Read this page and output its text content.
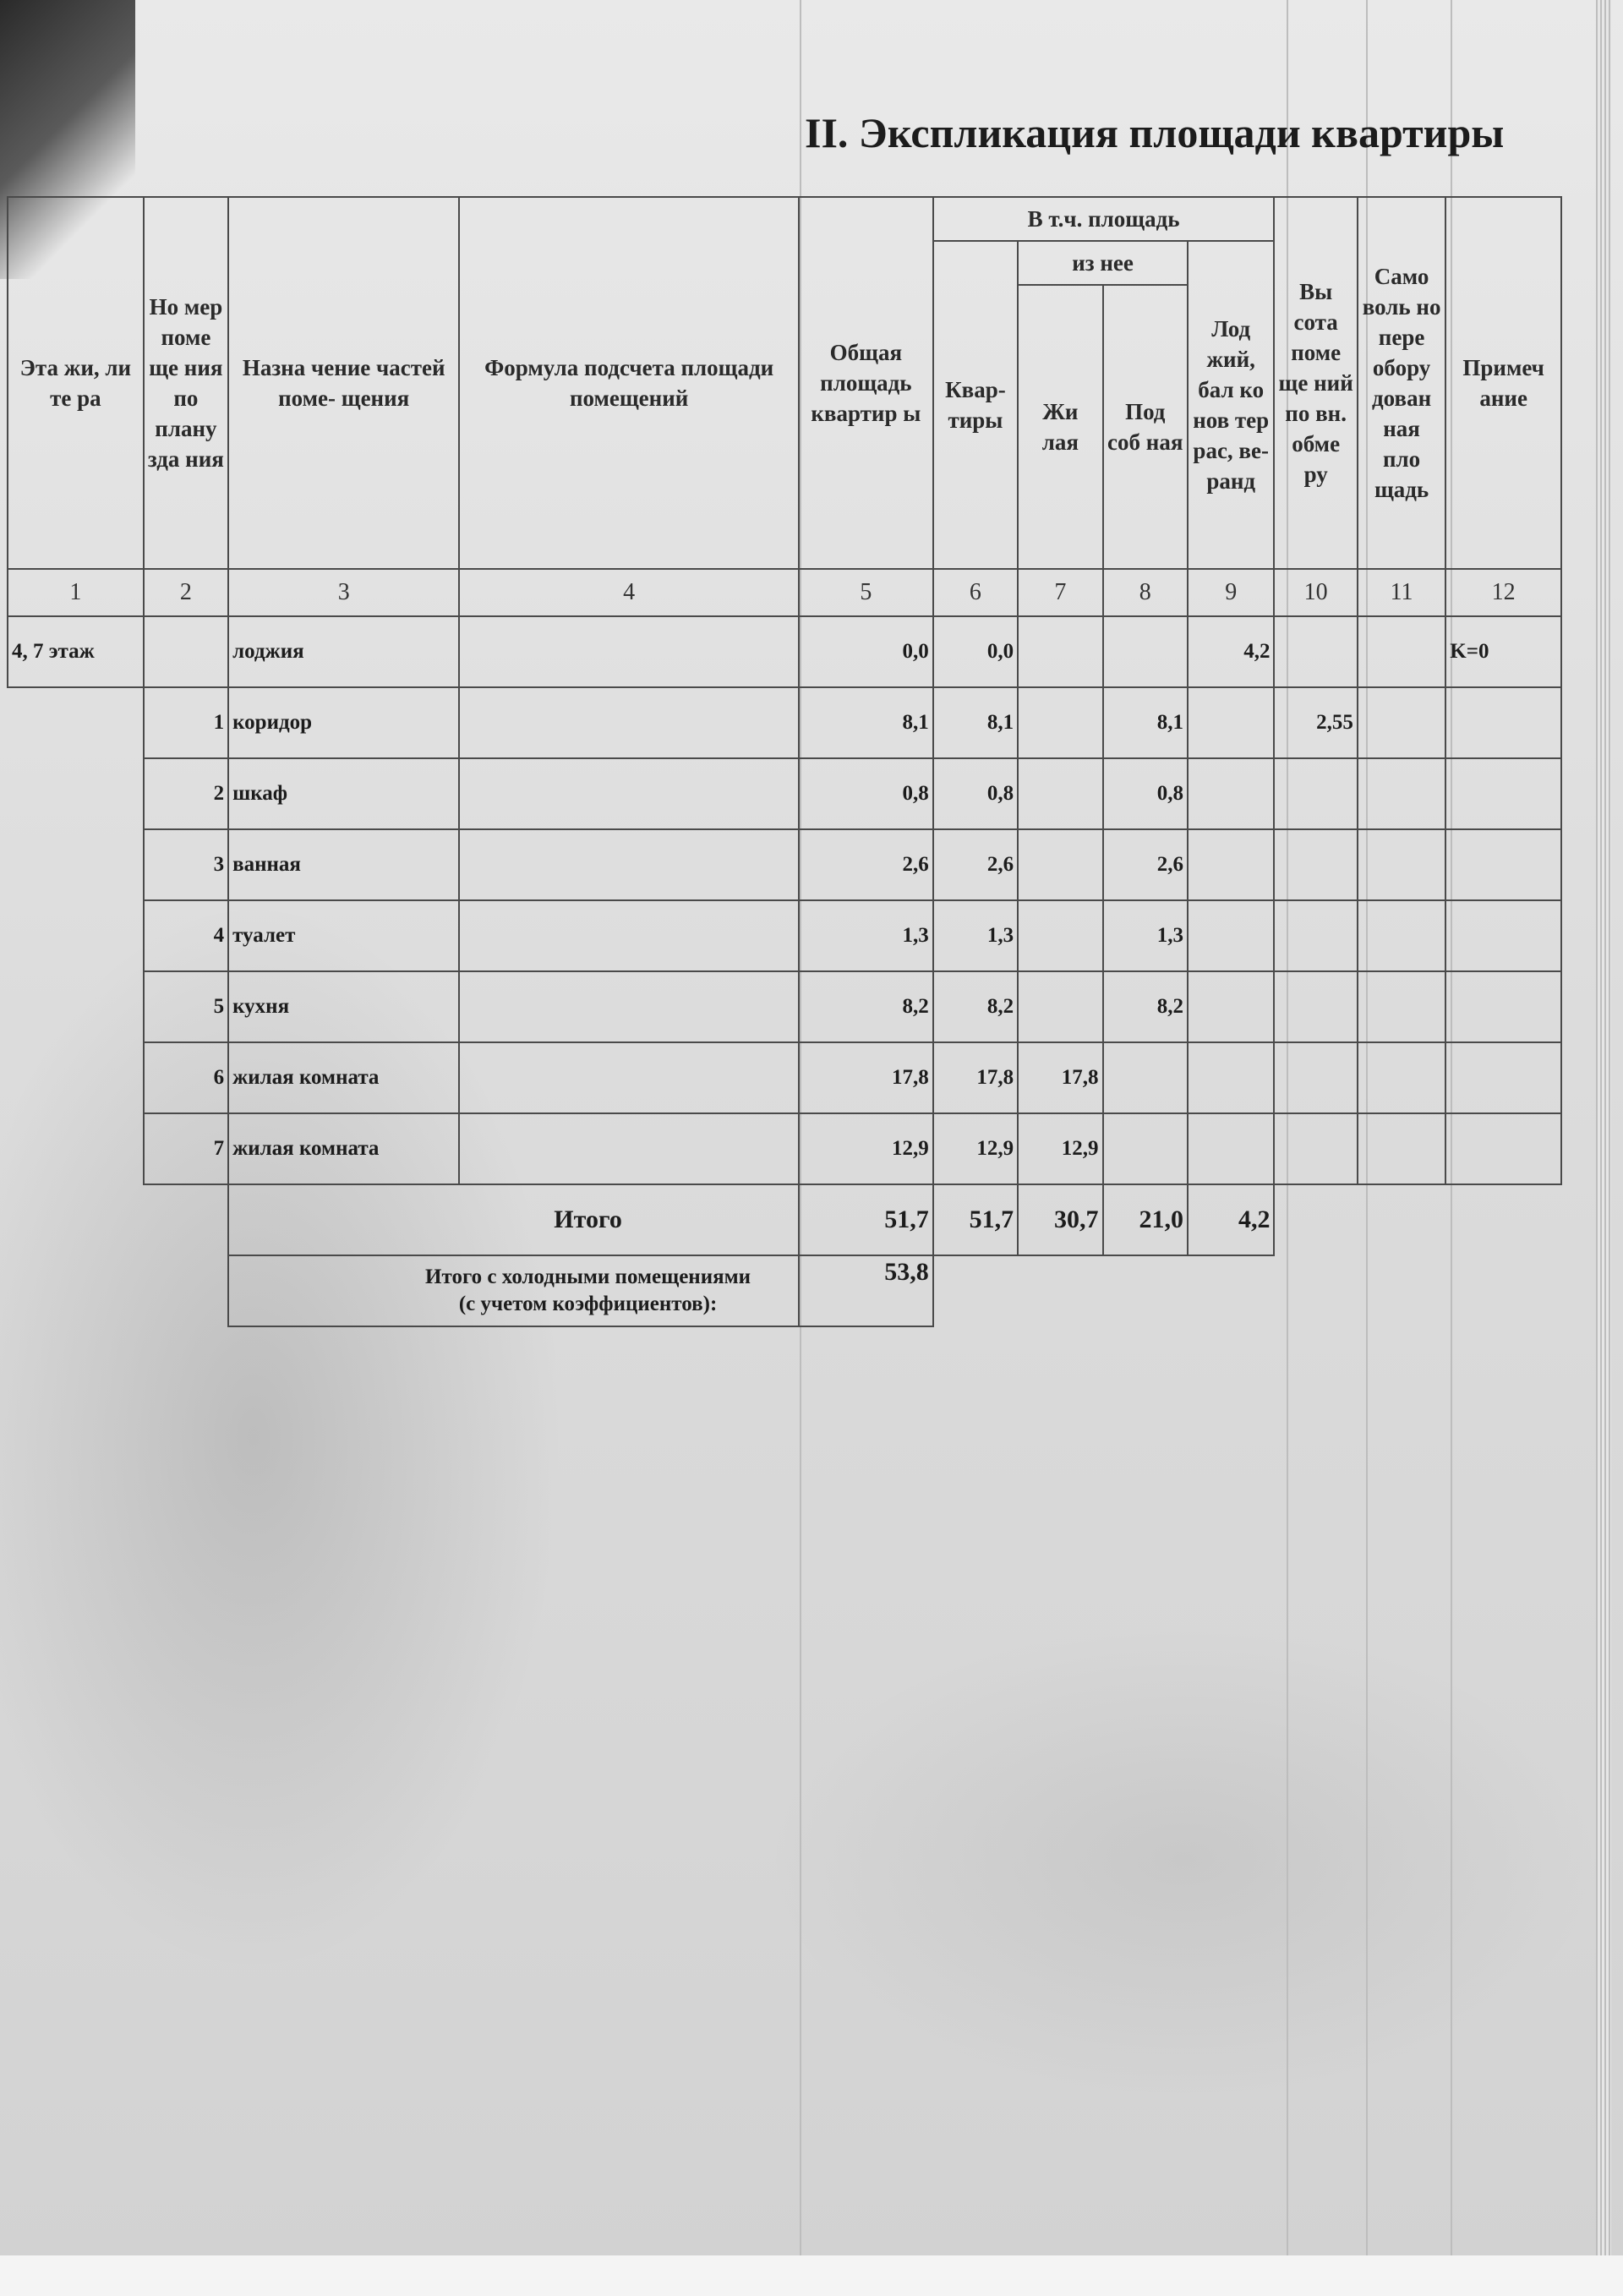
II. Экспликация площади квартиры
Эта жи, ли те ра	Но мер поме ще ния по плану зда ния	Назна чение частей поме- щения	Формула подсчета площади помещений	Общая площадь квартир ы	В т.ч. площадь				Вы сота поме ще ний по вн. обме ру	Само воль но пере обору дован ная пло щадь	Примеч ание
					Квар- тиры	из нее		Лод жий, бал ко нов тер рас, ве- ранд			
						Жи лая	Под соб ная				
1	2	3	4	5	6	7	8	9	10	11	12
4, 7 этаж		лоджия		0,0	0,0			4,2			K=0
	1	коридор		8,1	8,1		8,1		2,55		
	2	шкаф		0,8	0,8		0,8				
	3	ванная		2,6	2,6		2,6				
	4	туалет		1,3	1,3		1,3				
	5	кухня		8,2	8,2		8,2				
	6	жилая комната		17,8	17,8	17,8					
	7	жилая комната		12,9	12,9	12,9					
		Итого		51,7	51,7	30,7	21,0	4,2			

		Итого с холодными помещениями
(с учетом коэффициентов):		53,8							
